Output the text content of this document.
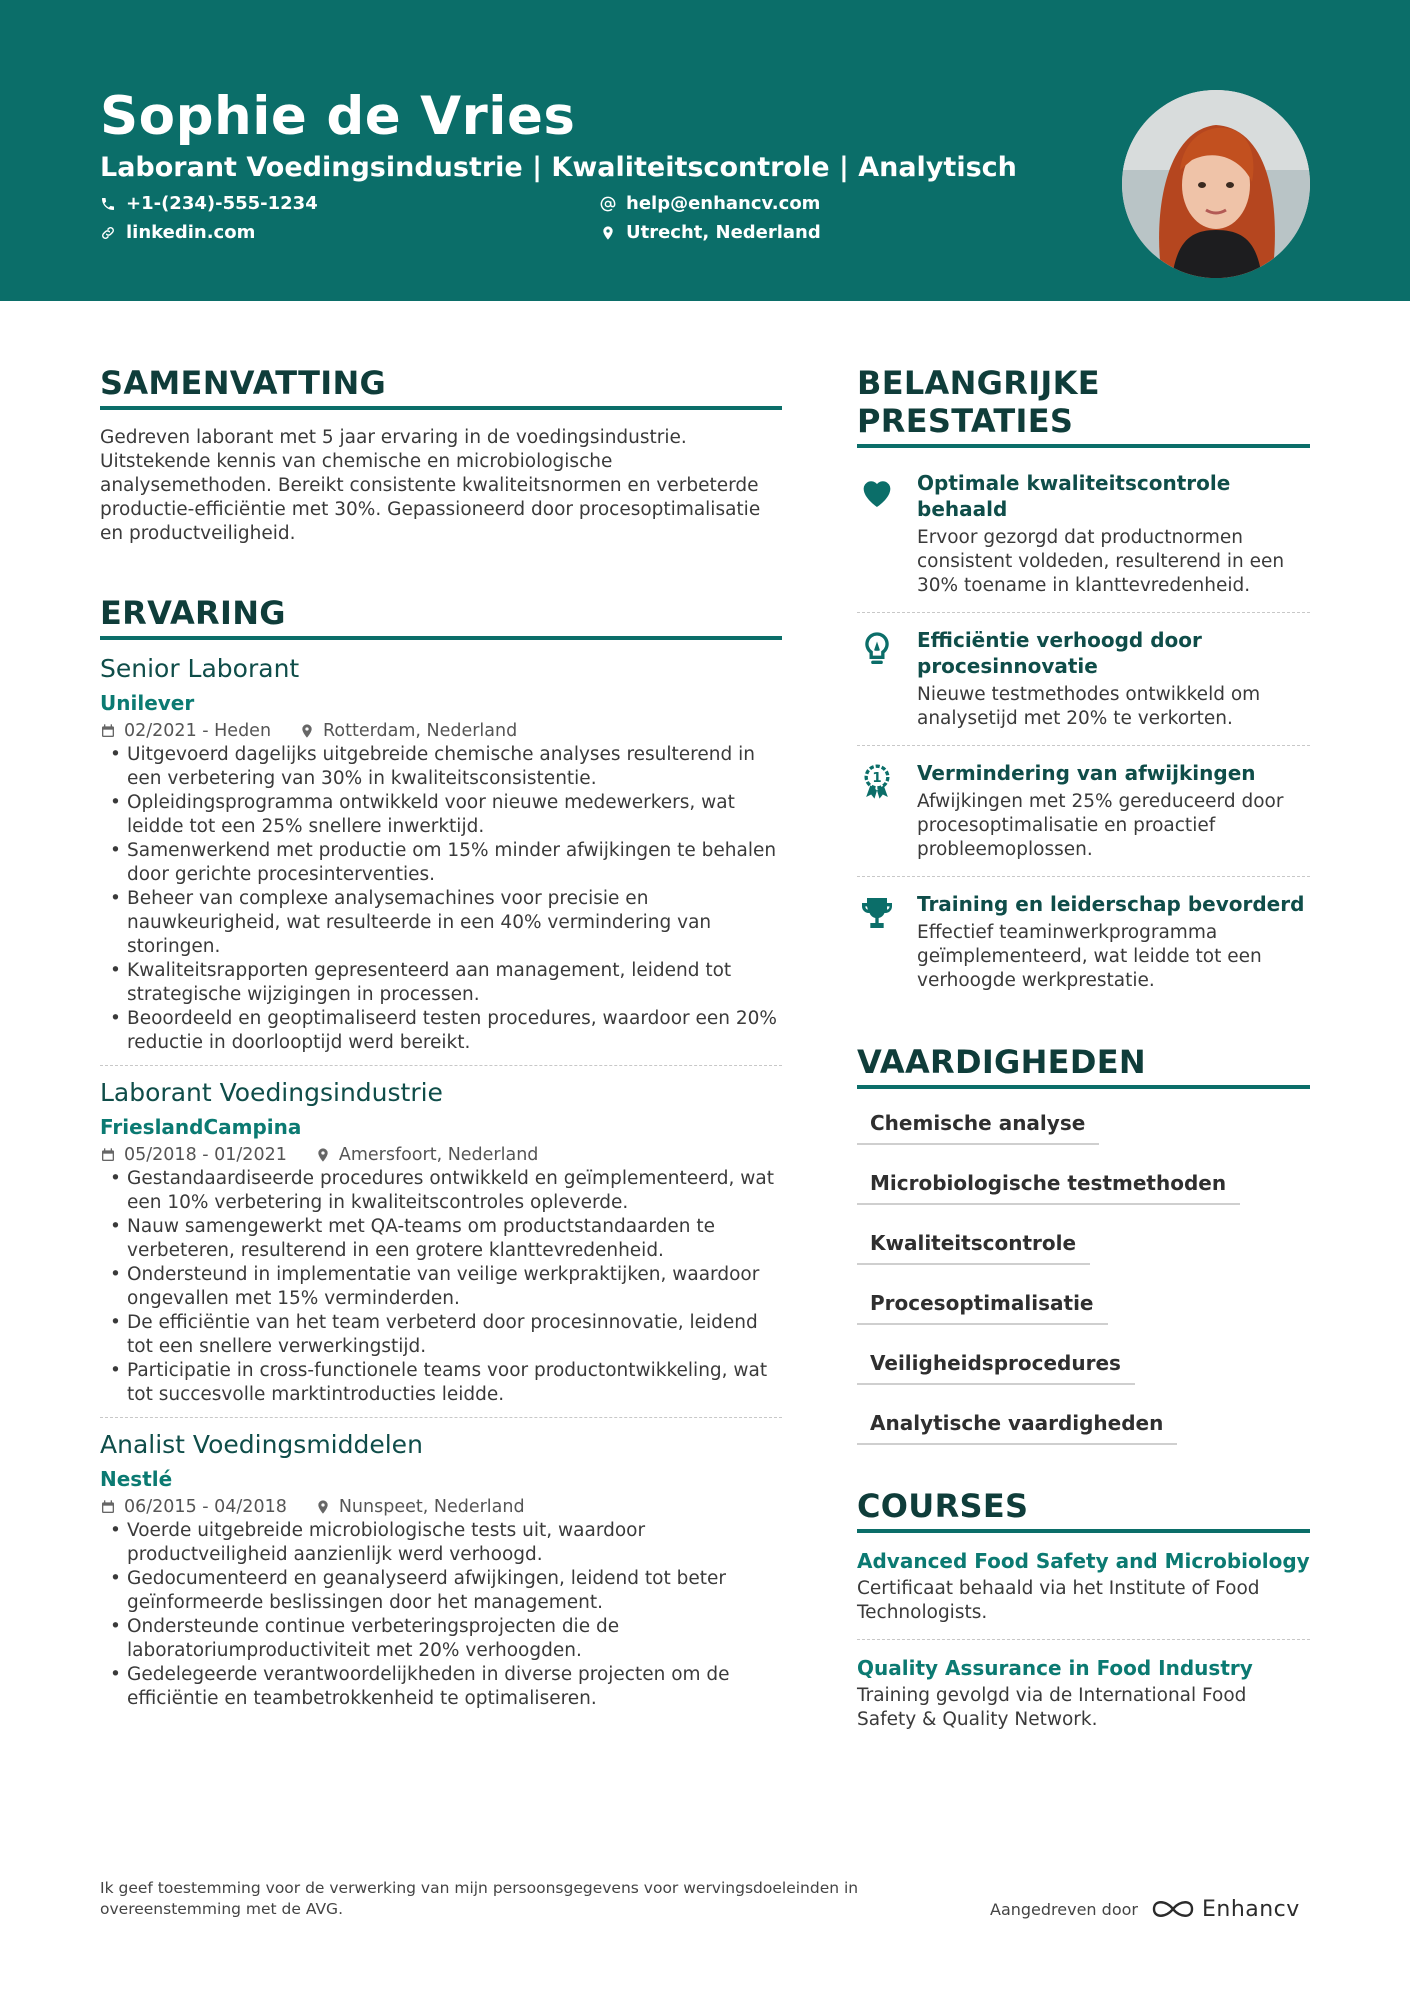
Sophie de Vries
Laborant Voedingsindustrie | Kwaliteitscontrole | Analytisch
+1-(234)-555-1234	help@enhancv.com
linkedin.com	Utrecht, Nederland
SAMENVATTING
Gedreven laborant met 5 jaar ervaring in de voedingsindustrie. Uitstekende kennis van chemische en microbiologische analysemethoden. Bereikt consistente kwaliteitsnormen en verbeterde productie-efficiëntie met 30%. Gepassioneerd door procesoptimalisatie en productveiligheid.
ERVARING
Senior Laborant
Unilever
02/2021 - Heden	Rotterdam, Nederland
• Uitgevoerd dagelijks uitgebreide chemische analyses resulterend in een verbetering van 30% in kwaliteitsconsistentie.
• Opleidingsprogramma ontwikkeld voor nieuwe medewerkers, wat leidde tot een 25% snellere inwerktijd.
• Samenwerkend met productie om 15% minder afwijkingen te behalen door gerichte procesinterventies.
• Beheer van complexe analysemachines voor precisie en nauwkeurigheid, wat resulteerde in een 40% vermindering van storingen.
• Kwaliteitsrapporten gepresenteerd aan management, leidend tot strategische wijzigingen in processen.
• Beoordeeld en geoptimaliseerd testen procedures, waardoor een 20% reductie in doorlooptijd werd bereikt.
Laborant Voedingsindustrie
FrieslandCampina
05/2018 - 01/2021	Amersfoort, Nederland
• Gestandaardiseerde procedures ontwikkeld en geïmplementeerd, wat een 10% verbetering in kwaliteitscontroles opleverde.
• Nauw samengewerkt met QA-teams om productstandaarden te verbeteren, resulterend in een grotere klanttevredenheid.
• Ondersteund in implementatie van veilige werkpraktijken, waardoor ongevallen met 15% verminderden.
• De efficiëntie van het team verbeterd door procesinnovatie, leidend tot een snellere verwerkingstijd.
• Participatie in cross-functionele teams voor productontwikkeling, wat tot succesvolle marktintroducties leidde.
Analist Voedingsmiddelen
Nestlé
06/2015 - 04/2018	Nunspeet, Nederland
• Voerde uitgebreide microbiologische tests uit, waardoor productveiligheid aanzienlijk werd verhoogd.
• Gedocumenteerd en geanalyseerd afwijkingen, leidend tot beter geïnformeerde beslissingen door het management.
• Ondersteunde continue verbeteringsprojecten die de laboratoriumproductiviteit met 20% verhoogden.
• Gedelegeerde verantwoordelijkheden in diverse projecten om de efficiëntie en teambetrokkenheid te optimaliseren.
BELANGRIJKE PRESTATIES
Optimale kwaliteitscontrole behaald
Ervoor gezorgd dat productnormen consistent voldeden, resulterend in een 30% toename in klanttevredenheid.
Efficiëntie verhoogd door procesinnovatie
Nieuwe testmethodes ontwikkeld om analysetijd met 20% te verkorten.
1 Vermindering van afwijkingen
Afwijkingen met 25% gereduceerd door procesoptimalisatie en proactief probleemoplossen.
Training en leiderschap bevorderd
Effectief teaminwerkprogramma geïmplementeerd, wat leidde tot een verhoogde werkprestatie.
VAARDIGHEDEN
Chemische analyse
Microbiologische testmethoden
Kwaliteitscontrole
Procesoptimalisatie
Veiligheidsprocedures
Analytische vaardigheden
COURSES
Advanced Food Safety and Microbiology
Certificaat behaald via het Institute of Food Technologists.
Quality Assurance in Food Industry
Training gevolgd via de International Food Safety & Quality Network.
Ik geef toestemming voor de verwerking van mijn persoonsgegevens voor wervingsdoeleinden in overeenstemming met de AVG.	Aangedreven door	Enhancv
